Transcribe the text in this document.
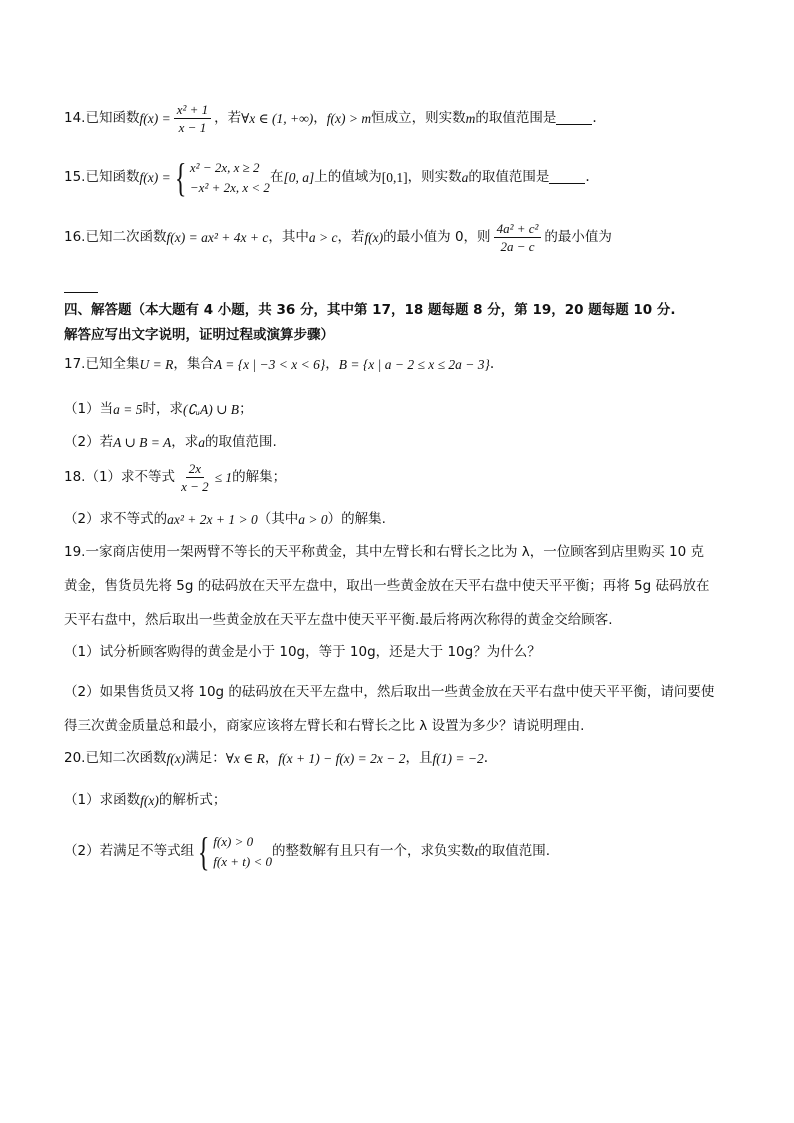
14.已知函数 $f(x) = \frac{\text{x² + 1}}{x - 1}$ ，若 ∀x ∈ (1, +∞) ， f(x) > m 恒成立，则实数 m 的取值范围是	.
15.已知函数 f(x) = { x² − 2x, x ≥ 2
−x² + 2x, x < 2
在 [0, a] 上的值域为 [0,1] ，则实数 a 的取值范围是	.
16.已知二次函数 f(x) = ax² + 4x + c ，其中 a > c ，若 f(x) 的最小值为 0，则 $\frac{\text{4a² + c²}}{2a - c}$ 的最小值为
四、解答题（本大题有 4 小题，共 36 分，其中第 17，18 题每题 8 分，第 19，20 题每题 10 分.
解答应写出文字说明，证明过程或演算步骤）
17.已知全集 U = R ，集合 A = {x | −3 < x < 6} ， B = {x | a − 2 ≤ x ≤ 2a − 3} .
（1）当 a = 5 时，求 (∁ᵤA) ∪ B ；
（2）若 A ∪ B = A ，求 a 的取值范围.
18.（1）求不等式 $\frac{2x}{x - 2} \le 1$ 的解集；
（2）求不等式的 ax² + 2x + 1 > 0 （其中 a > 0 ）的解集.
19.一家商店使用一架两臂不等长的天平称黄金，其中左臂长和右臂长之比为 λ，一位顾客到店里购买 10 克
黄金，售货员先将 5g 的砝码放在天平左盘中，取出一些黄金放在天平右盘中使天平平衡；再将 5g 砝码放在
天平右盘中，然后取出一些黄金放在天平左盘中使天平平衡.最后将两次称得的黄金交给顾客.
（1）试分析顾客购得的黄金是小于 10g，等于 10g，还是大于 10g？为什么？
（2）如果售货员又将 10g 的砝码放在天平左盘中，然后取出一些黄金放在天平右盘中使天平平衡，请问要使
得三次黄金质量总和最小，商家应该将左臂长和右臂长之比 λ 设置为多少？请说明理由.
20.已知二次函数 f(x) 满足： ∀x ∈ R ， f(x + 1) − f(x) = 2x − 2 ，且 f(1) = −2 .
（1）求函数 f(x) 的解析式；
（2）若满足不等式组 { f(x) > 0
f(x + t) < 0
的整数解有且只有一个，求负实数 t 的取值范围.
